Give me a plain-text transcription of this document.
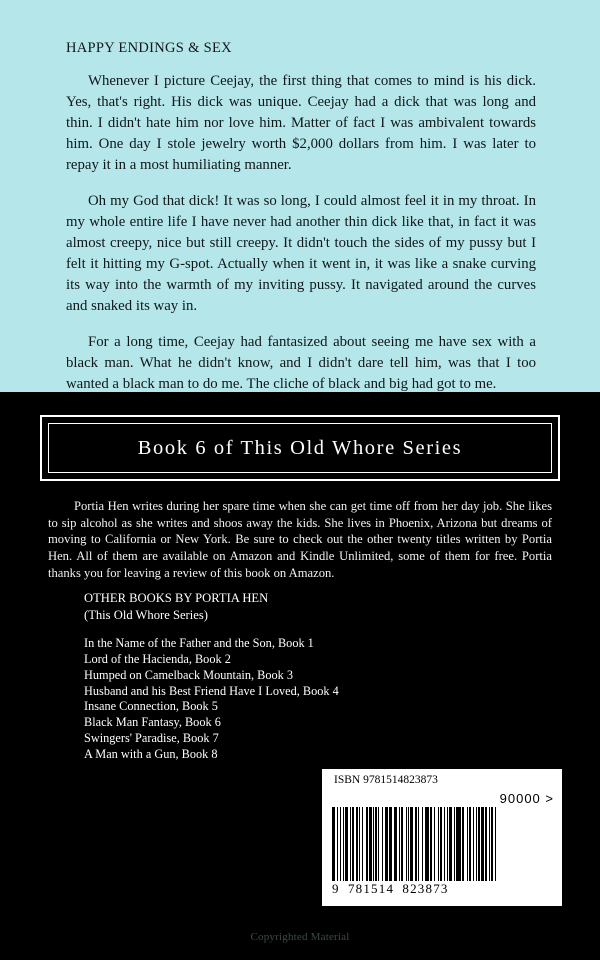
HAPPY ENDINGS & SEX

Whenever I picture Ceejay, the first thing that comes to mind is his dick. Yes, that's right. His dick was unique. Ceejay had a dick that was long and thin. I didn't hate him nor love him. Matter of fact I was ambivalent towards him. One day I stole jewelry worth $2,000 dollars from him. I was later to repay it in a most humiliating manner.

Oh my God that dick! It was so long, I could almost feel it in my throat. In my whole entire life I have never had another thin dick like that, in fact it was almost creepy, nice but still creepy. It didn't touch the sides of my pussy but I felt it hitting my G-spot. Actually when it went in, it was like a snake curving its way into the warmth of my inviting pussy. It navigated around the curves and snaked its way in.

For a long time, Ceejay had fantasized about seeing me have sex with a black man. What he didn't know, and I didn't dare tell him, was that I too wanted a black man to do me. The cliche of black and big had got to me.

Book 6 of This Old Whore Series
Portia Hen writes during her spare time when she can get time off from her day job. She likes to sip alcohol as she writes and shoos away the kids. She lives in Phoenix, Arizona but dreams of moving to California or New York. Be sure to check out the other twenty titles written by Portia Hen. All of them are available on Amazon and Kindle Unlimited, some of them for free. Portia thanks you for leaving a review of this book on Amazon.
OTHER BOOKS BY PORTIA HEN
(This Old Whore Series)
In the Name of the Father and the Son, Book 1
Lord of the Hacienda, Book 2
Humped on Camelback Mountain, Book 3
Husband and his Best Friend Have I Loved, Book 4
Insane Connection, Book 5
Black Man Fantasy, Book 6
Swingers' Paradise, Book 7
A Man with a Gun, Book 8
ISBN 9781514823873
90000 >
9  781514  823873
Copyrighted Material
